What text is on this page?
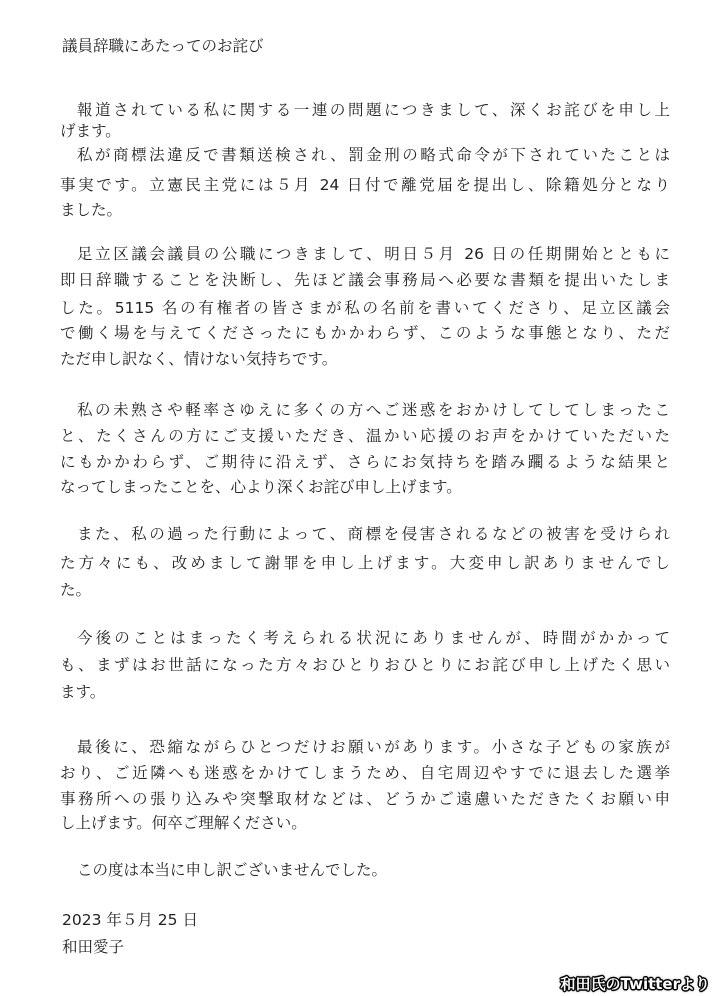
議員辞職にあたってのお詫び
報道されている私に関する一連の問題につきまして、深くお詫びを申し上
げます。
私が商標法違反で書類送検され、罰金刑の略式命令が下されていたことは
事実です。立憲民主党には５月 24 日付で離党届を提出し、除籍処分となり
ました。
足立区議会議員の公職につきまして、明日５月 26 日の任期開始とともに
即日辞職することを決断し、先ほど議会事務局へ必要な書類を提出いたしま
した。5115 名の有権者の皆さまが私の名前を書いてくださり、足立区議会
で働く場を与えてくださったにもかかわらず、このような事態となり、ただ
ただ申し訳なく、情けない気持ちです。
私の未熟さや軽率さゆえに多くの方へご迷惑をおかけしてしてしまったこ
と、たくさんの方にご支援いただき、温かい応援のお声をかけていただいた
にもかかわらず、ご期待に沿えず、さらにお気持ちを踏み躙るような結果と
なってしまったことを、心より深くお詫び申し上げます。
また、私の過った行動によって、商標を侵害されるなどの被害を受けられ
た方々にも、改めまして謝罪を申し上げます。大変申し訳ありませんでし
た。
今後のことはまったく考えられる状況にありませんが、時間がかかって
も、まずはお世話になった方々おひとりおひとりにお詫び申し上げたく思い
ます。
最後に、恐縮ながらひとつだけお願いがあります。小さな子どもの家族が
おり、ご近隣へも迷惑をかけてしまうため、自宅周辺やすでに退去した選挙
事務所への張り込みや突撃取材などは、どうかご遠慮いただきたくお願い申
し上げます。何卒ご理解ください。
この度は本当に申し訳ございませんでした。
2023 年５月 25 日
和田愛子
和田氏のTwitterより
